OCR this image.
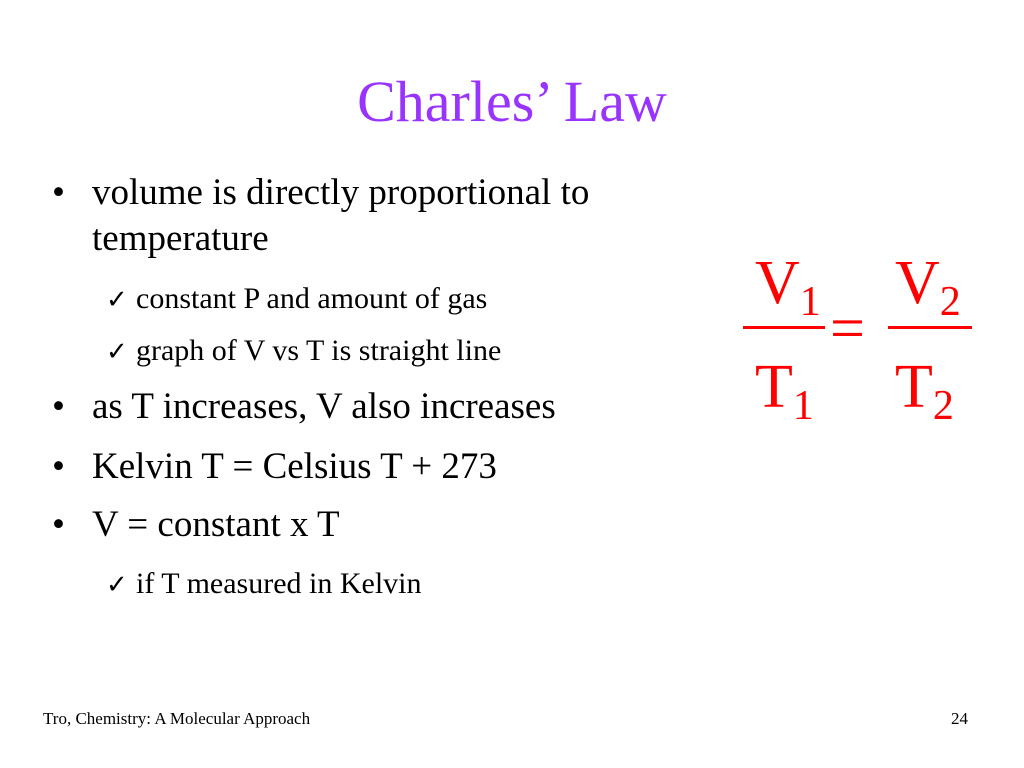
Charles’ Law
• volume is directly proportional to temperature
✓ constant P and amount of gas
✓ graph of V vs T is straight line
• as T increases, V also increases
• Kelvin T = Celsius T + 273
• V = constant x T
✓ if T measured in Kelvin
$V_1$
$T_1$
=
$V_2$
$T_2$
Tro, Chemistry: A Molecular Approach	24
